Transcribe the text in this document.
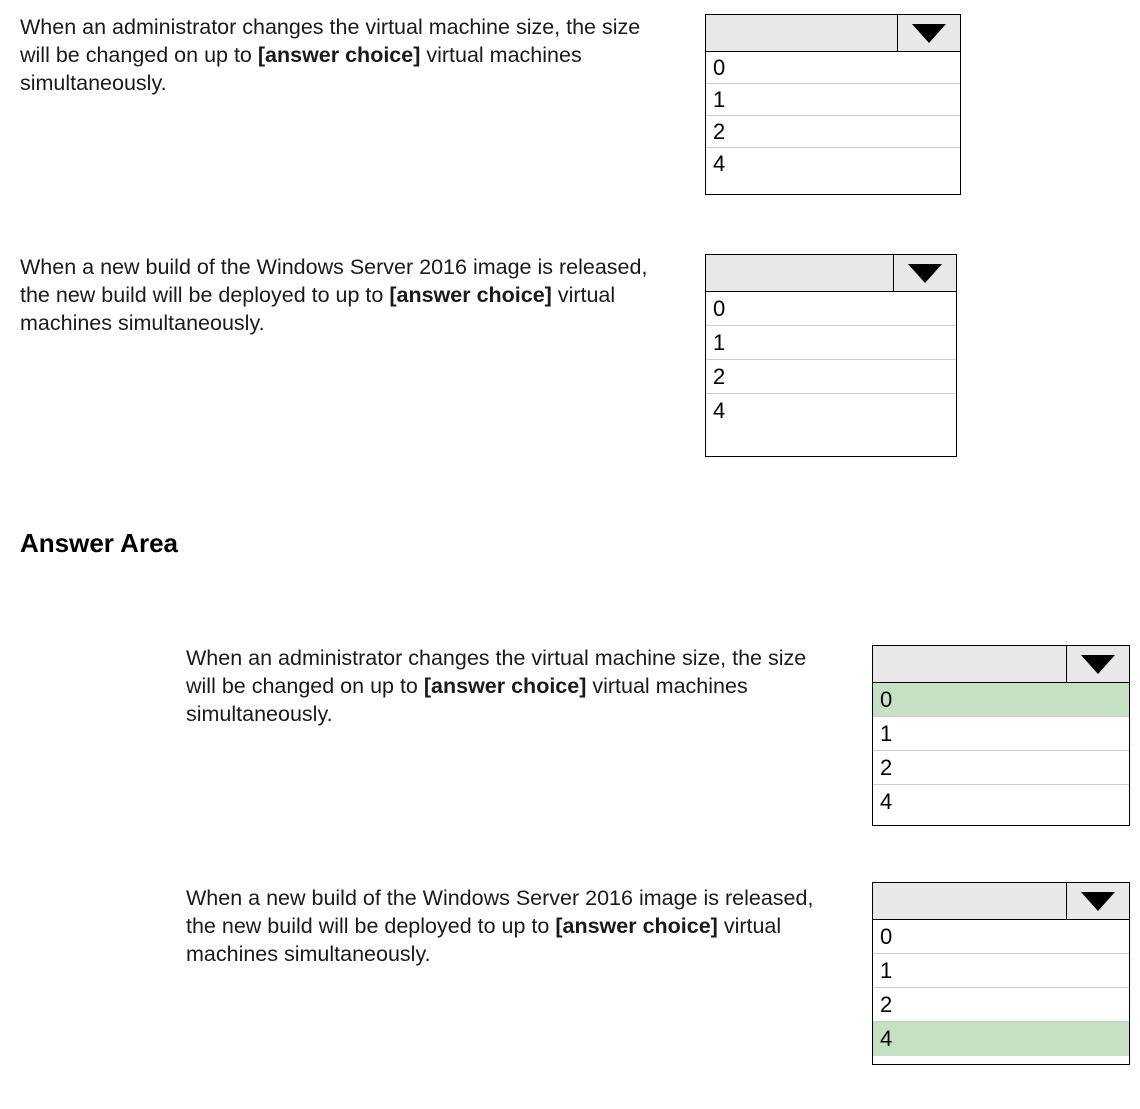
When an administrator changes the virtual machine size, the size will be changed on up to [answer choice] virtual machines simultaneously.
0
1
2
4
When a new build of the Windows Server 2016 image is released, the new build will be deployed to up to [answer choice] virtual machines simultaneously.
0
1
2
4
Answer Area
When an administrator changes the virtual machine size, the size will be changed on up to [answer choice] virtual machines simultaneously.
0
1
2
4
When a new build of the Windows Server 2016 image is released, the new build will be deployed to up to [answer choice] virtual machines simultaneously.
0
1
2
4
